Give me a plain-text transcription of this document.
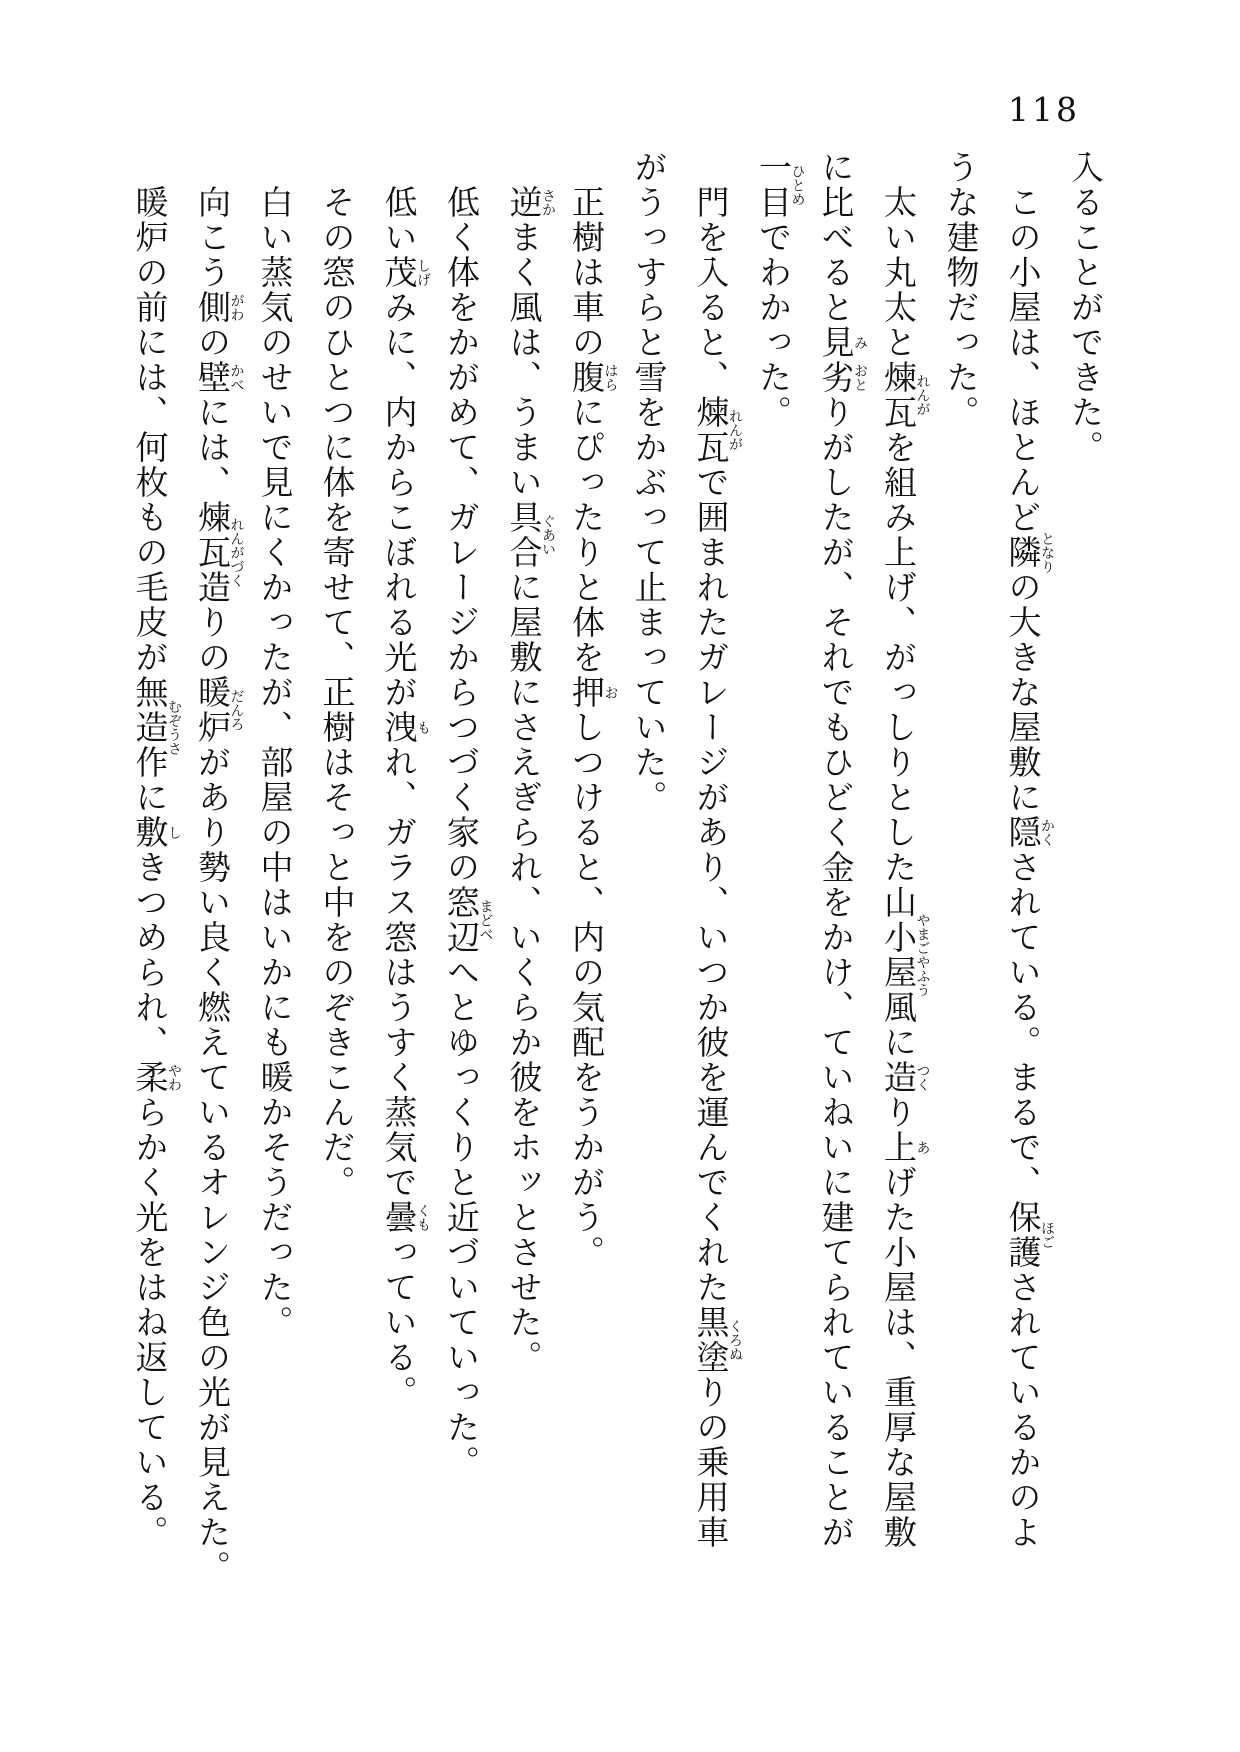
118

入ることができた。

この小屋は、ほとんど隣となりの大きな屋敷に隠かくされている。まるで、保護ほごされているかのよ

うな建物だった。

太い丸太と煉瓦れんがを組み上げ、がっしりとした山小屋風やまごやふうに造つくり上あげた小屋は、重厚な屋敷

に比べると見み劣おとりがしたが、それでもひどく金をかけ、ていねいに建てられていることが

一目ひとめでわかった。

門を入ると、煉瓦れんがで囲まれたガレージがあり、いつか彼を運んでくれた黒塗くろぬりの乗用車

がうっすらと雪をかぶって止まっていた。

正樹は車の腹はらにぴったりと体を押おしつけると、内の気配をうかがう。

逆さかまく風は、うまい具合ぐあいに屋敷にさえぎられ、いくらか彼をホッとさせた。

低く体をかがめて、ガレージからつづく家の窓辺まどべへとゆっくりと近づいていった。

低い茂しげみに、内からこぼれる光が洩もれ、ガラス窓はうすく蒸気で曇くもっている。

その窓のひとつに体を寄せて、正樹はそっと中をのぞきこんだ。

白い蒸気のせいで見にくかったが、部屋の中はいかにも暖かそうだった。

向こう側がわの壁かべには、煉瓦造れんがづくりの暖炉だんろがあり勢い良く燃えているオレンジ色の光が見えた。

暖炉の前には、何枚もの毛皮が無造作むぞうさに敷しきつめられ、柔やわらかく光をはね返している。
